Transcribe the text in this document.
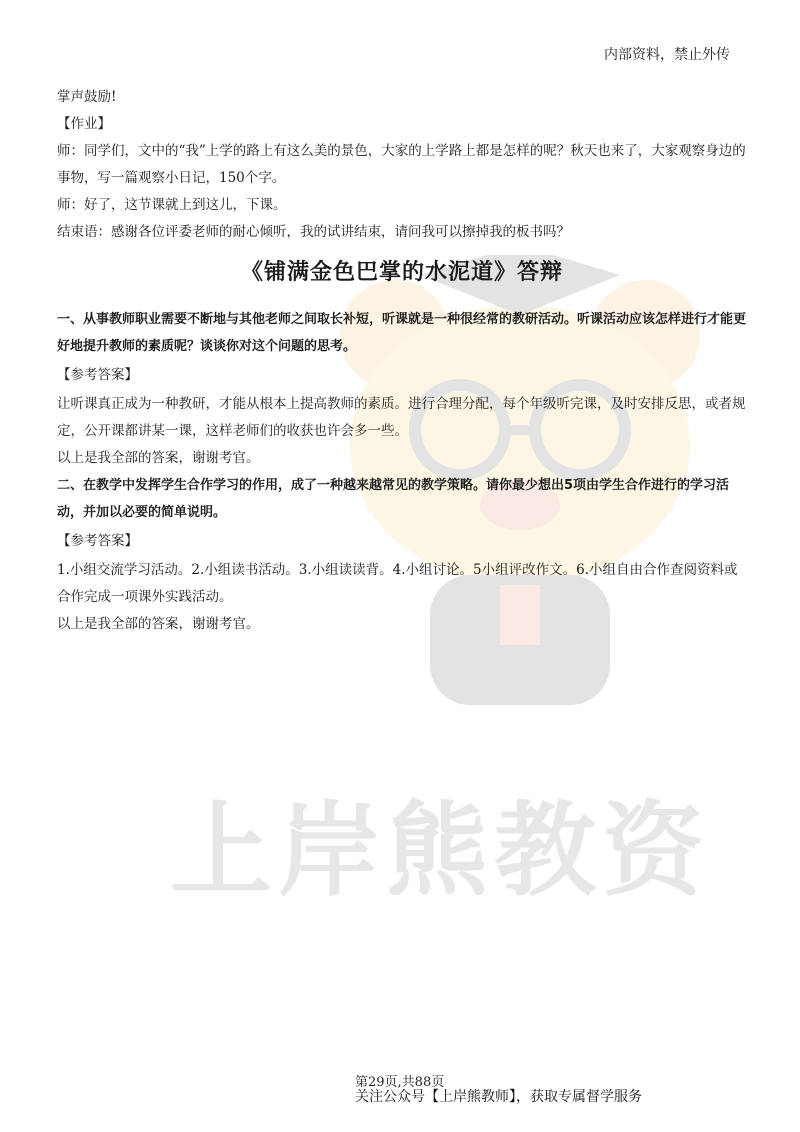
上岸熊教资
内部资料，禁止外传

掌声鼓励!

【作业】

师：同学们，文中的“我”上学的路上有这么美的景色，大家的上学路上都是怎样的呢？秋天也来了，大家观察身边的事物，写一篇观察小日记，150个字。

师：好了，这节课就上到这儿，下课。

结束语：感谢各位评委老师的耐心倾听，我的试讲结束，请问我可以擦掉我的板书吗？

《铺满金色巴掌的水泥道》答辩

一、从事教师职业需要不断地与其他老师之间取长补短，听课就是一种很经常的教研活动。听课活动应该怎样进行才能更好地提升教师的素质呢？谈谈你对这个问题的思考。

【参考答案】

让听课真正成为一种教研，才能从根本上提高教师的素质。进行合理分配，每个年级听完课，及时安排反思，或者规定，公开课都讲某一课，这样老师们的收获也许会多一些。

以上是我全部的答案，谢谢考官。

二、在教学中发挥学生合作学习的作用，成了一种越来越常见的教学策略。请你最少想出5项由学生合作进行的学习活动，并加以必要的简单说明。

【参考答案】

1.小组交流学习活动。2.小组读书活动。3.小组读读背。4.小组讨论。5小组评改作文。6.小组自由合作查阅资料或合作完成一项课外实践活动。

以上是我全部的答案，谢谢考官。

第29页,共88页
关注公众号【上岸熊教师】，获取专属督学服务
